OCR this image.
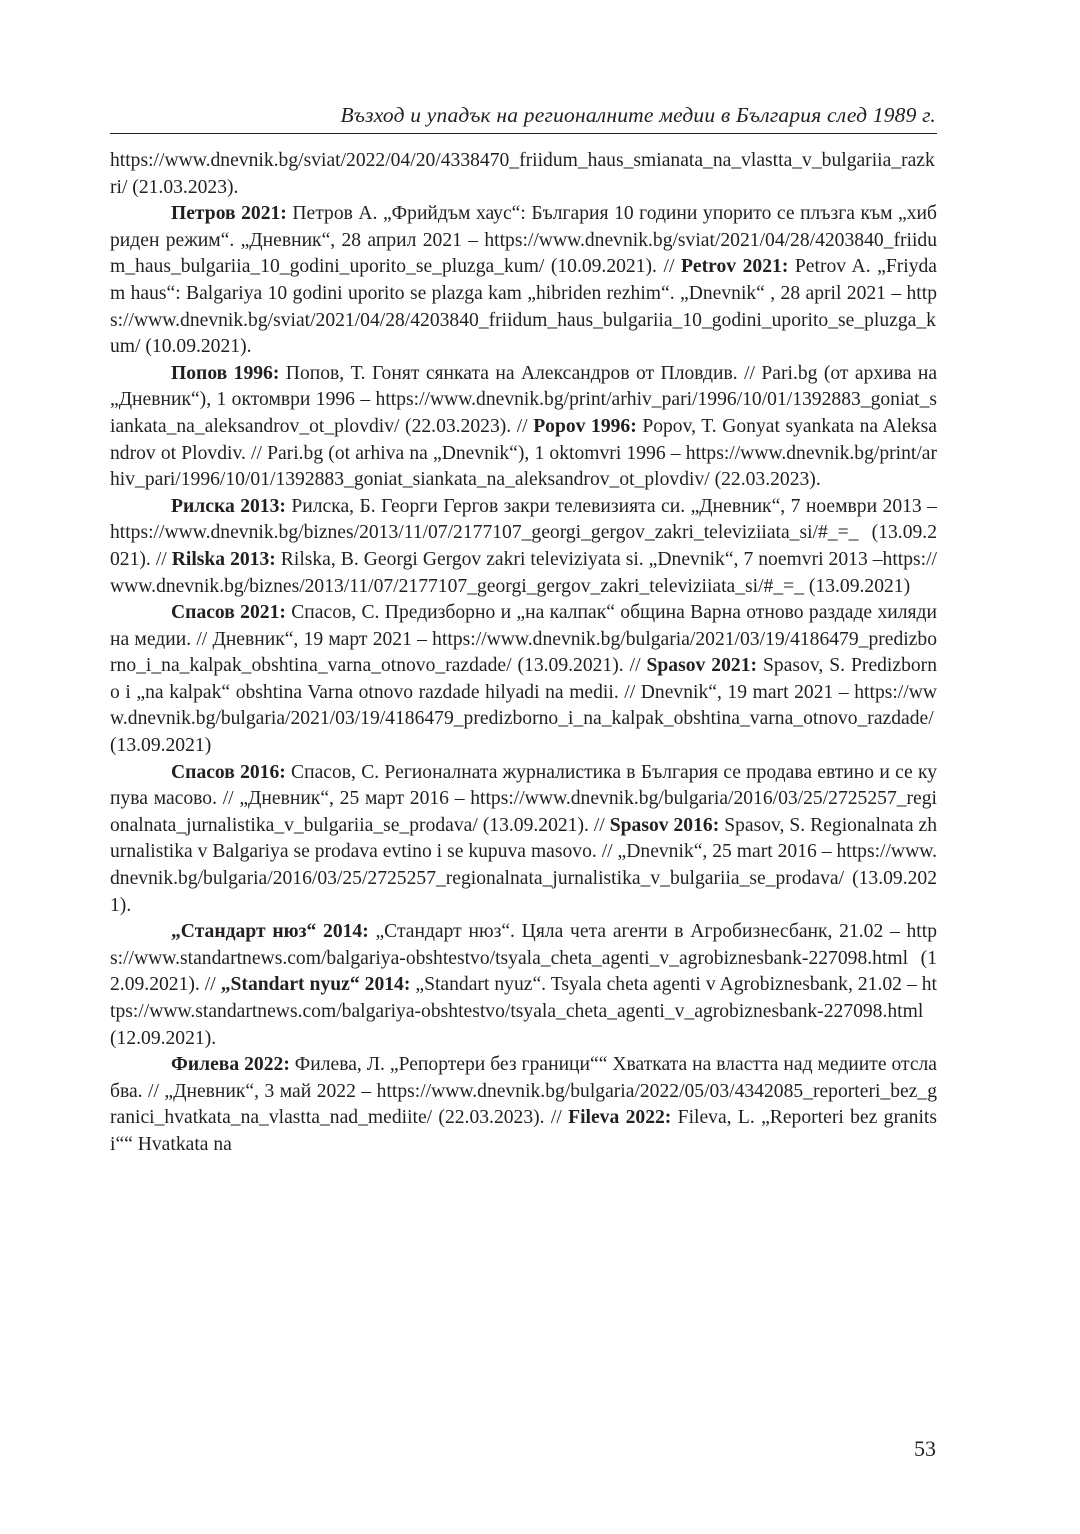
Възход и упадък на регионалните медии в България след 1989 г.

https://www.dnevnik.bg/sviat/2022/04/20/4338470_friidum_haus_smianata_na_vlastta_v_bulgariia_razkri/ (21.03.2023).

Петров 2021: Петров А. „Фрийдъм хаус“: България 10 години упорито се плъзга към „хибриден режим“. „Дневник“, 28 април 2021 – https://www.dnevnik.bg/sviat/2021/04/28/4203840_friidum_haus_bulgariia_10_godini_uporito_se_pluzga_kum/ (10.09.2021). // Petrov 2021: Petrov A. „Friydam haus“: Balgariya 10 godini uporito se plazga kam „hibriden rezhim“. „Dnevnik“ , 28 april 2021 – https://www.dnevnik.bg/sviat/2021/04/28/4203840_friidum_haus_bulgariia_10_godini_uporito_se_pluzga_kum/ (10.09.2021).

Попов 1996: Попов, Т. Гонят сянката на Александров от Пловдив. // Pari.bg (от архива на „Дневник“), 1 октомври 1996 – https://www.dnevnik.bg/print/arhiv_pari/1996/10/01/1392883_goniat_siankata_na_aleksandrov_ot_plovdiv/ (22.03.2023). // Popov 1996: Popov, T. Gonyat syankata na Aleksandrov ot Plovdiv. // Pari.bg (ot arhiva na „Dnevnik“), 1 oktomvri 1996 – https://www.dnevnik.bg/print/arhiv_pari/1996/10/01/1392883_goniat_siankata_na_aleksandrov_ot_plovdiv/ (22.03.2023).

Рилска 2013: Рилска, Б. Георги Гергов закри телевизията си. „Дневник“, 7 ноември 2013 – https://www.dnevnik.bg/biznes/2013/11/07/2177107_georgi_gergov_zakri_televiziiata_si/#_=_ (13.09.2021). // Rilska 2013: Rilska, B. Georgi Gergov zakri televiziyata si. „Dnevnik“, 7 noemvri 2013 –https://www.dnevnik.bg/biznes/2013/11/07/2177107_georgi_gergov_zakri_televiziiata_si/#_=_ (13.09.2021)

Спасов 2021: Спасов, С. Предизборно и „на калпак“ община Варна отново раздаде хиляди на медии. // Дневник“, 19 март 2021 – https://www.dnevnik.bg/bulgaria/2021/03/19/4186479_predizborno_i_na_kalpak_obshtina_varna_otnovo_razdade/ (13.09.2021). // Spasov 2021: Spasov, S. Predizborno i „na kalpak“ obshtina Varna otnovo razdade hilyadi na medii. // Dnevnik“, 19 mart 2021 – https://www.dnevnik.bg/bulgaria/2021/03/19/4186479_predizborno_i_na_kalpak_obshtina_varna_otnovo_razdade/ (13.09.2021)

Спасов 2016: Спасов, С. Регионалната журналистика в България се продава евтино и се купува масово. // „Дневник“, 25 март 2016 – https://www.dnevnik.bg/bulgaria/2016/03/25/2725257_regionalnata_jurnalistika_v_bulgariia_se_prodava/ (13.09.2021). // Spasov 2016: Spasov, S. Regionalnata zhurnalistika v Balgariya se prodava evtino i se kupuva masovo. // „Dnevnik“, 25 mart 2016 – https://www.dnevnik.bg/bulgaria/2016/03/25/2725257_regionalnata_jurnalistika_v_bulgariia_se_prodava/ (13.09.2021).

„Стандарт нюз“ 2014: „Стандарт нюз“. Цяла чета агенти в Агробизнесбанк, 21.02 – https://www.standartnews.com/balgariya-obshtestvo/tsyala_cheta_agenti_v_agrobiznesbank-227098.html (12.09.2021). // „Standart nyuz“ 2014: „Standart nyuz“. Tsyala cheta agenti v Agrobiznesbank, 21.02 – https://www.standartnews.com/balgariya-obshtestvo/tsyala_cheta_agenti_v_agrobiznesbank-227098.html (12.09.2021).

Филева 2022: Филева, Л. „Репортери без граници““ Хватката на властта над медиите отслабва. // „Дневник“, 3 май 2022 – https://www.dnevnik.bg/bulgaria/2022/05/03/4342085_reporteri_bez_granici_hvatkata_na_vlastta_nad_mediite/ (22.03.2023). // Fileva 2022: Fileva, L. „Reporteri bez granitsi““ Hvatkata na

53
